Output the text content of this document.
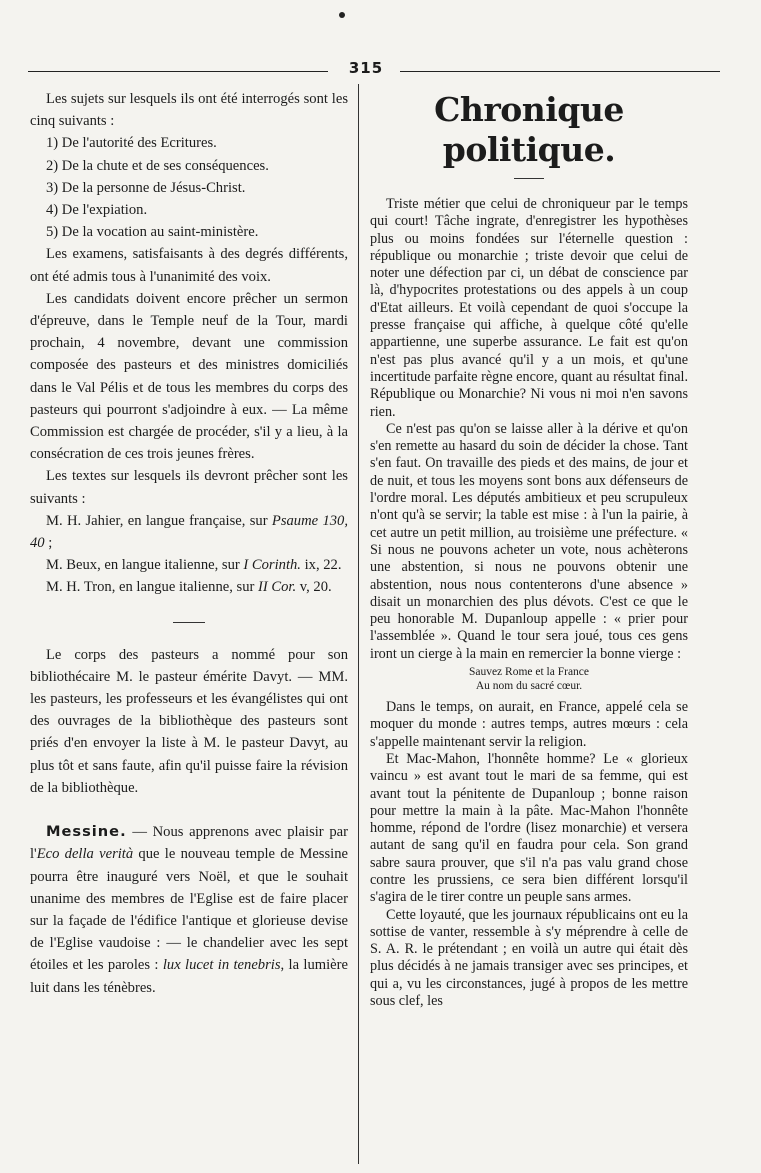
315

Les sujets sur lesquels ils ont été interrogés sont les cinq suivants :

1) De l'autorité des Ecritures.

2) De la chute et de ses conséquences.

3) De la personne de Jésus-Christ.

4) De l'expiation.

5) De la vocation au saint-ministère.

Les examens, satisfaisants à des degrés différents, ont été admis tous à l'unanimité des voix.

Les candidats doivent encore prêcher un sermon d'épreuve, dans le Temple neuf de la Tour, mardi prochain, 4 novembre, devant une commission composée des pasteurs et des ministres domiciliés dans le Val Pélis et de tous les membres du corps des pasteurs qui pourront s'adjoindre à eux. — La même Commission est chargée de procéder, s'il y a lieu, à la consécration de ces trois jeunes frères.

Les textes sur lesquels ils devront prêcher sont les suivants :

M. H. Jahier, en langue française, sur Psaume 130, 40 ;

M. Beux, en langue italienne, sur I Corinth. ix, 22.

M. H. Tron, en langue italienne, sur II Cor. v, 20.

Le corps des pasteurs a nommé pour son bibliothécaire M. le pasteur émérite Davyt. — MM. les pasteurs, les professeurs et les évangélistes qui ont des ouvrages de la bibliothèque des pasteurs sont priés d'en envoyer la liste à M. le pasteur Davyt, au plus tôt et sans faute, afin qu'il puisse faire la révision de la bibliothèque.

Messine. — Nous apprenons avec plaisir par l'Eco della verità que le nouveau temple de Messine pourra être inauguré vers Noël, et que le souhait unanime des membres de l'Eglise est de faire placer sur la façade de l'édifice l'antique et glorieuse devise de l'Eglise vaudoise : — le chandelier avec les sept étoiles et les paroles : lux lucet in tenebris, la lumière luit dans les ténèbres.

Chronique politique.

Triste métier que celui de chroniqueur par le temps qui court! Tâche ingrate, d'enregistrer les hypothèses plus ou moins fondées sur l'éternelle question : république ou monarchie ; triste devoir que celui de noter une défection par ci, un débat de conscience par là, d'hypocrites protestations ou des appels à un coup d'Etat ailleurs. Et voilà cependant de quoi s'occupe la presse française qui affiche, à quelque côté qu'elle appartienne, une superbe assurance. Le fait est qu'on n'est pas plus avancé qu'il y a un mois, et qu'une incertitude parfaite règne encore, quant au résultat final. République ou Monarchie? Ni vous ni moi n'en savons rien.

Ce n'est pas qu'on se laisse aller à la dérive et qu'on s'en remette au hasard du soin de décider la chose. Tant s'en faut. On travaille des pieds et des mains, de jour et de nuit, et tous les moyens sont bons aux défenseurs de l'ordre moral. Les députés ambitieux et peu scrupuleux n'ont qu'à se servir; la table est mise : à l'un la pairie, à cet autre un petit million, au troisième une préfecture. « Si nous ne pouvons acheter un vote, nous achèterons une abstention, si nous ne pouvons obtenir une abstention, nous nous contenterons d'une absence » disait un monarchien des plus dévots. C'est ce que le peu honorable M. Dupanloup appelle : « prier pour l'assemblée ». Quand le tour sera joué, tous ces gens iront un cierge à la main en remercier la bonne vierge :

Sauvez Rome et la France
Au nom du sacré cœur.

Dans le temps, on aurait, en France, appelé cela se moquer du monde : autres temps, autres mœurs : cela s'appelle maintenant servir la religion.

Et Mac-Mahon, l'honnête homme? Le « glorieux vaincu » est avant tout le mari de sa femme, qui est avant tout la pénitente de Dupanloup ; bonne raison pour mettre la main à la pâte. Mac-Mahon l'honnête homme, répond de l'ordre (lisez monarchie) et versera autant de sang qu'il en faudra pour cela. Son grand sabre saura prouver, que s'il n'a pas valu grand chose contre les prussiens, ce sera bien différent lorsqu'il s'agira de le tirer contre un peuple sans armes.

Cette loyauté, que les journaux républicains ont eu la sottise de vanter, ressemble à s'y méprendre à celle de S. A. R. le prétendant ; en voilà un autre qui était dès plus décidés à ne jamais transiger avec ses principes, et qui a, vu les circonstances, jugé à propos de les mettre sous clef, les
